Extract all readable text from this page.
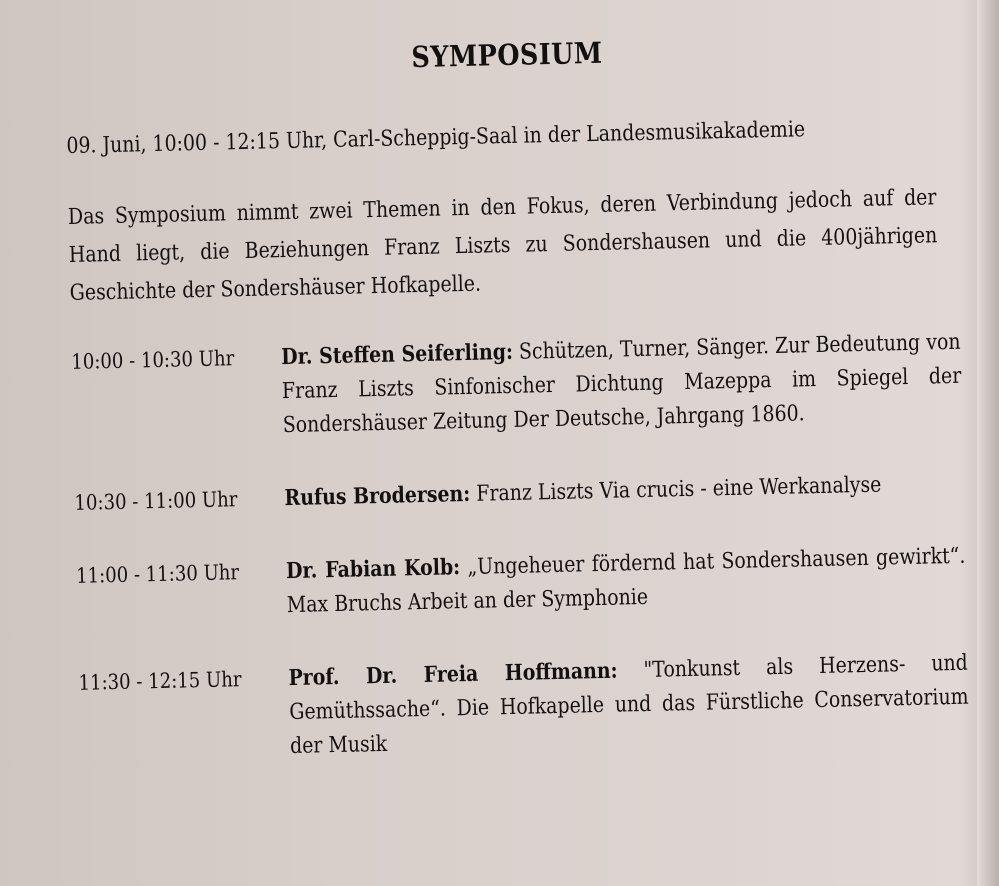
SYMPOSIUM
09. Juni, 10:00 - 12:15 Uhr, Carl-Scheppig-Saal in der Landesmusikakademie
Das Symposium nimmt zwei Themen in den Fokus, deren Verbindung jedoch auf der Hand liegt, die Beziehungen Franz Liszts zu Sondershausen und die 400jährigen Geschichte der Sondershäuser Hofkapelle.
10:00 - 10:30 Uhr	Dr. Steffen Seiferling: Schützen, Turner, Sänger. Zur Bedeutung von Franz Liszts Sinfonischer Dichtung Mazeppa im Spiegel der Sondershäuser Zeitung Der Deutsche, Jahrgang 1860.
10:30 - 11:00 Uhr	Rufus Brodersen: Franz Liszts Via crucis - eine Werkanalyse
11:00 - 11:30 Uhr	Dr. Fabian Kolb: „Ungeheuer fördernd hat Sondershausen gewirkt“. Max Bruchs Arbeit an der Symphonie
11:30 - 12:15 Uhr	Prof. Dr. Freia Hoffmann: "Tonkunst als Herzens- und Gemüthssache“. Die Hofkapelle und das Fürstliche Conservatorium der Musik
